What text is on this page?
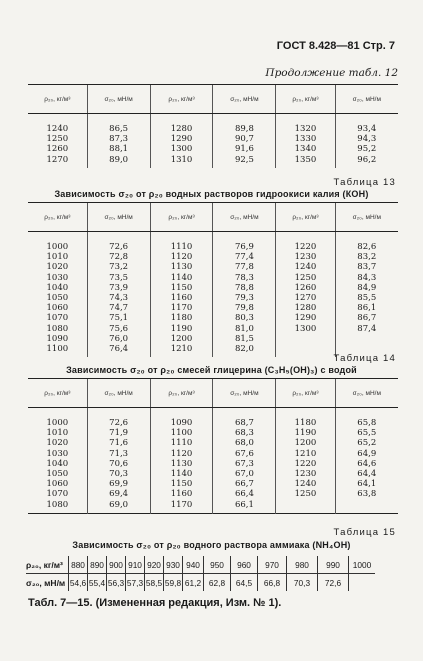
ГОСТ 8.428—81 Стр. 7
Продолжение табл. 12
ρ₂₀, кг/м³	σ₂₀, мН/м	ρ₂₀, кг/м³	σ₂₀, мН/м	ρ₂₀, кг/м³	σ₂₀, мН/м
1240	86,5	1280	89,8	1320	93,4
1250	87,3	1290	90,7	1330	94,3
1260	88,1	1300	91,6	1340	95,2
1270	89,0	1310	92,5	1350	96,2
Таблица 13
Зависимость σ₂₀ от ρ₂₀ водных растворов гидроокиси калия (КОН)
ρ₂₀, кг/м³	σ₂₀, мН/м	ρ₂₀, кг/м³	σ₂₀, мН/м	ρ₂₀, кг/м³	σ₂₀, мН/м
1000	72,6	1110	76,9	1220	82,6
1010	72,8	1120	77,4	1230	83,2
1020	73,2	1130	77,8	1240	83,7
1030	73,5	1140	78,3	1250	84,3
1040	73,9	1150	78,8	1260	84,9
1050	74,3	1160	79,3	1270	85,5
1060	74,7	1170	79,8	1280	86,1
1070	75,1	1180	80,3	1290	86,7
1080	75,6	1190	81,0	1300	87,4
1090	76,0	1200	81,5		
1100	76,4	1210	82,0		
Таблица 14
Зависимость σ₂₀ от ρ₂₀ смесей глицерина (C₃H₅(OH)₃) с водой
ρ₂₀, кг/м³	σ₂₀, мН/м	ρ₂₀, кг/м³	σ₂₀, мН/м	ρ₂₀, кг/м³	σ₂₀, мН/м
1000	72,6	1090	68,7	1180	65,8
1010	71,9	1100	68,3	1190	65,5
1020	71,6	1110	68,0	1200	65,2
1030	71,3	1120	67,6	1210	64,9
1040	70,6	1130	67,3	1220	64,6
1050	70,3	1140	67,0	1230	64,4
1060	69,9	1150	66,7	1240	64,1
1070	69,4	1160	66,4	1250	63,8
1080	69,0	1170	66,1		
Таблица 15
Зависимость σ₂₀ от ρ₂₀ водного раствора аммиака (NH₄OH)
ρ₂₀, кг/м³	880	890	900	910	920	930	940	950	960	970	980	990	1000
σ₂₀, мН/м	54,6	55,4	56,3	57,3	58,5	59,8	61,2	62,8	64,5	66,8	70,3	72,6	
Табл. 7—15. (Измененная редакция, Изм. № 1).
